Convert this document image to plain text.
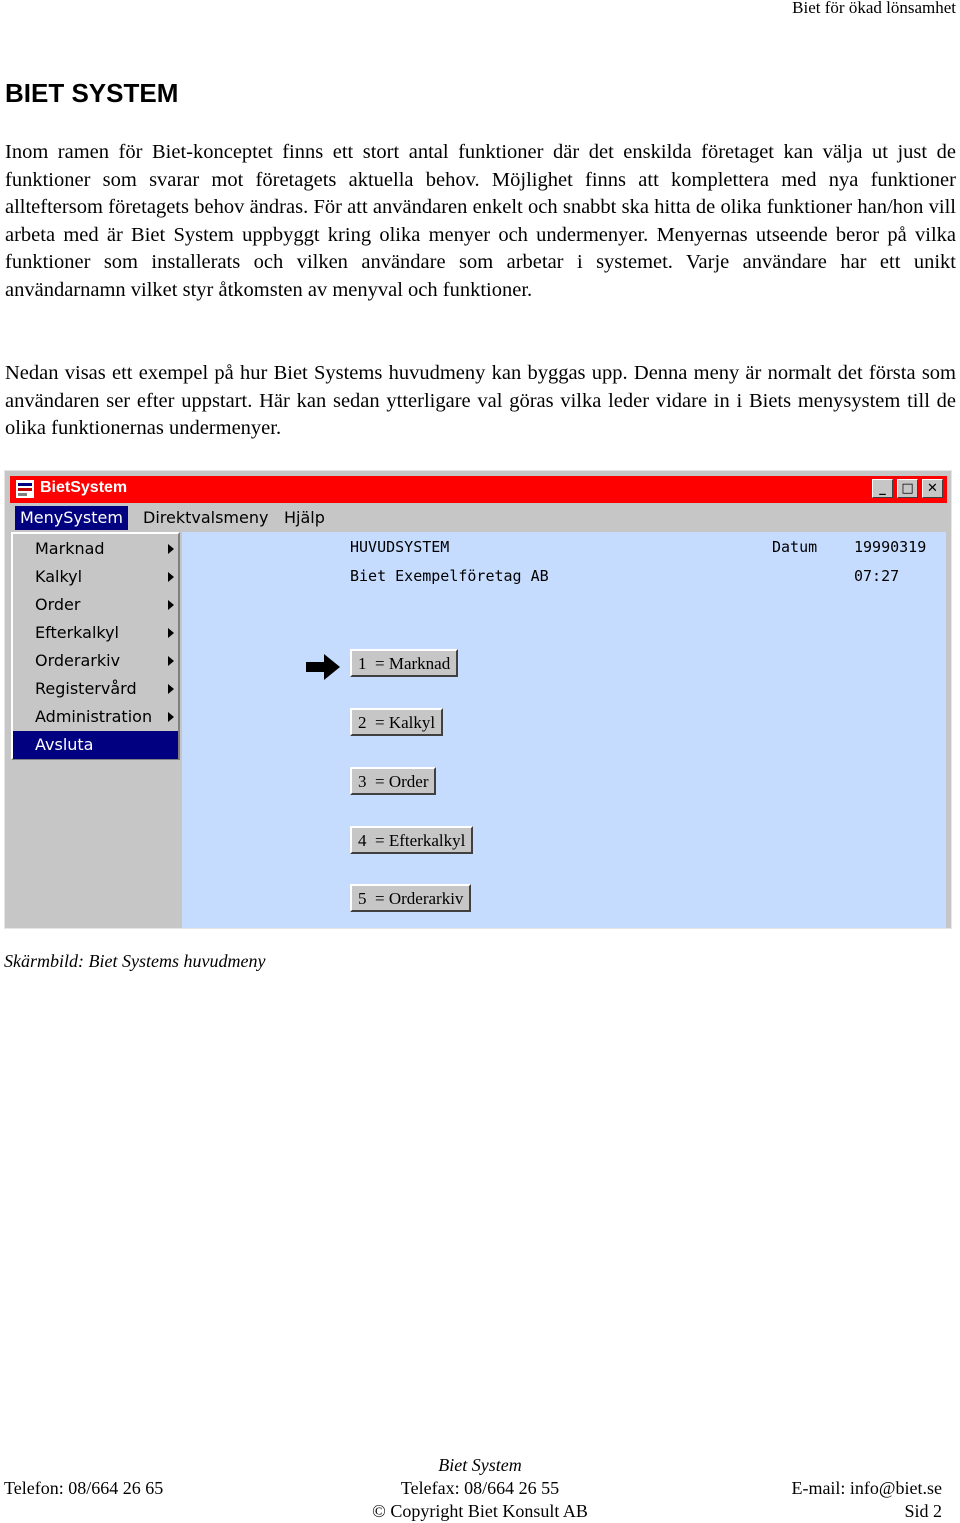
Biet för ökad lönsamhet
BIET SYSTEM

Inom ramen för Biet-konceptet finns ett stort antal funktioner där det enskilda företaget kan välja ut just de funktioner som svarar mot företagets aktuella behov. Möjlighet finns att komplettera med nya funktioner allteftersom företagets behov ändras. För att användaren enkelt och snabbt ska hitta de olika funktioner han/hon vill arbeta med är Biet System uppbyggt kring olika menyer och undermenyer. Menyernas utseende beror på vilka funktioner som installerats och vilken användare som arbetar i systemet. Varje användare har ett unikt användarnamn vilket styr åtkomsten av menyval och funktioner.

Nedan visas ett exempel på hur Biet Systems huvudmeny kan byggas upp. Denna meny är normalt det första som användaren ser efter uppstart. Här kan sedan ytterligare val göras vilka leder vidare in i Biets menysystem till de olika funktionernas undermenyer.

BietSystem	_	□	✕
MenySystem	Direktvalsmeny Hjälp
Marknad
Kalkyl
Order
Efterkalkyl
Orderarkiv
Registervård
Administration
Avsluta
HUVUDSYSTEM
Biet Exempelföretag AB
Datum 19990319
07:27
1  = Marknad
2  = Kalkyl
3  = Order
4  = Efterkalkyl
5  = Orderarkiv
Skärmbild: Biet Systems huvudmeny
Biet System
Telefon: 08/664 26 65	Telefax: 08/664 26 55	E-mail: info@biet.se
© Copyright Biet Konsult AB	Sid 2
